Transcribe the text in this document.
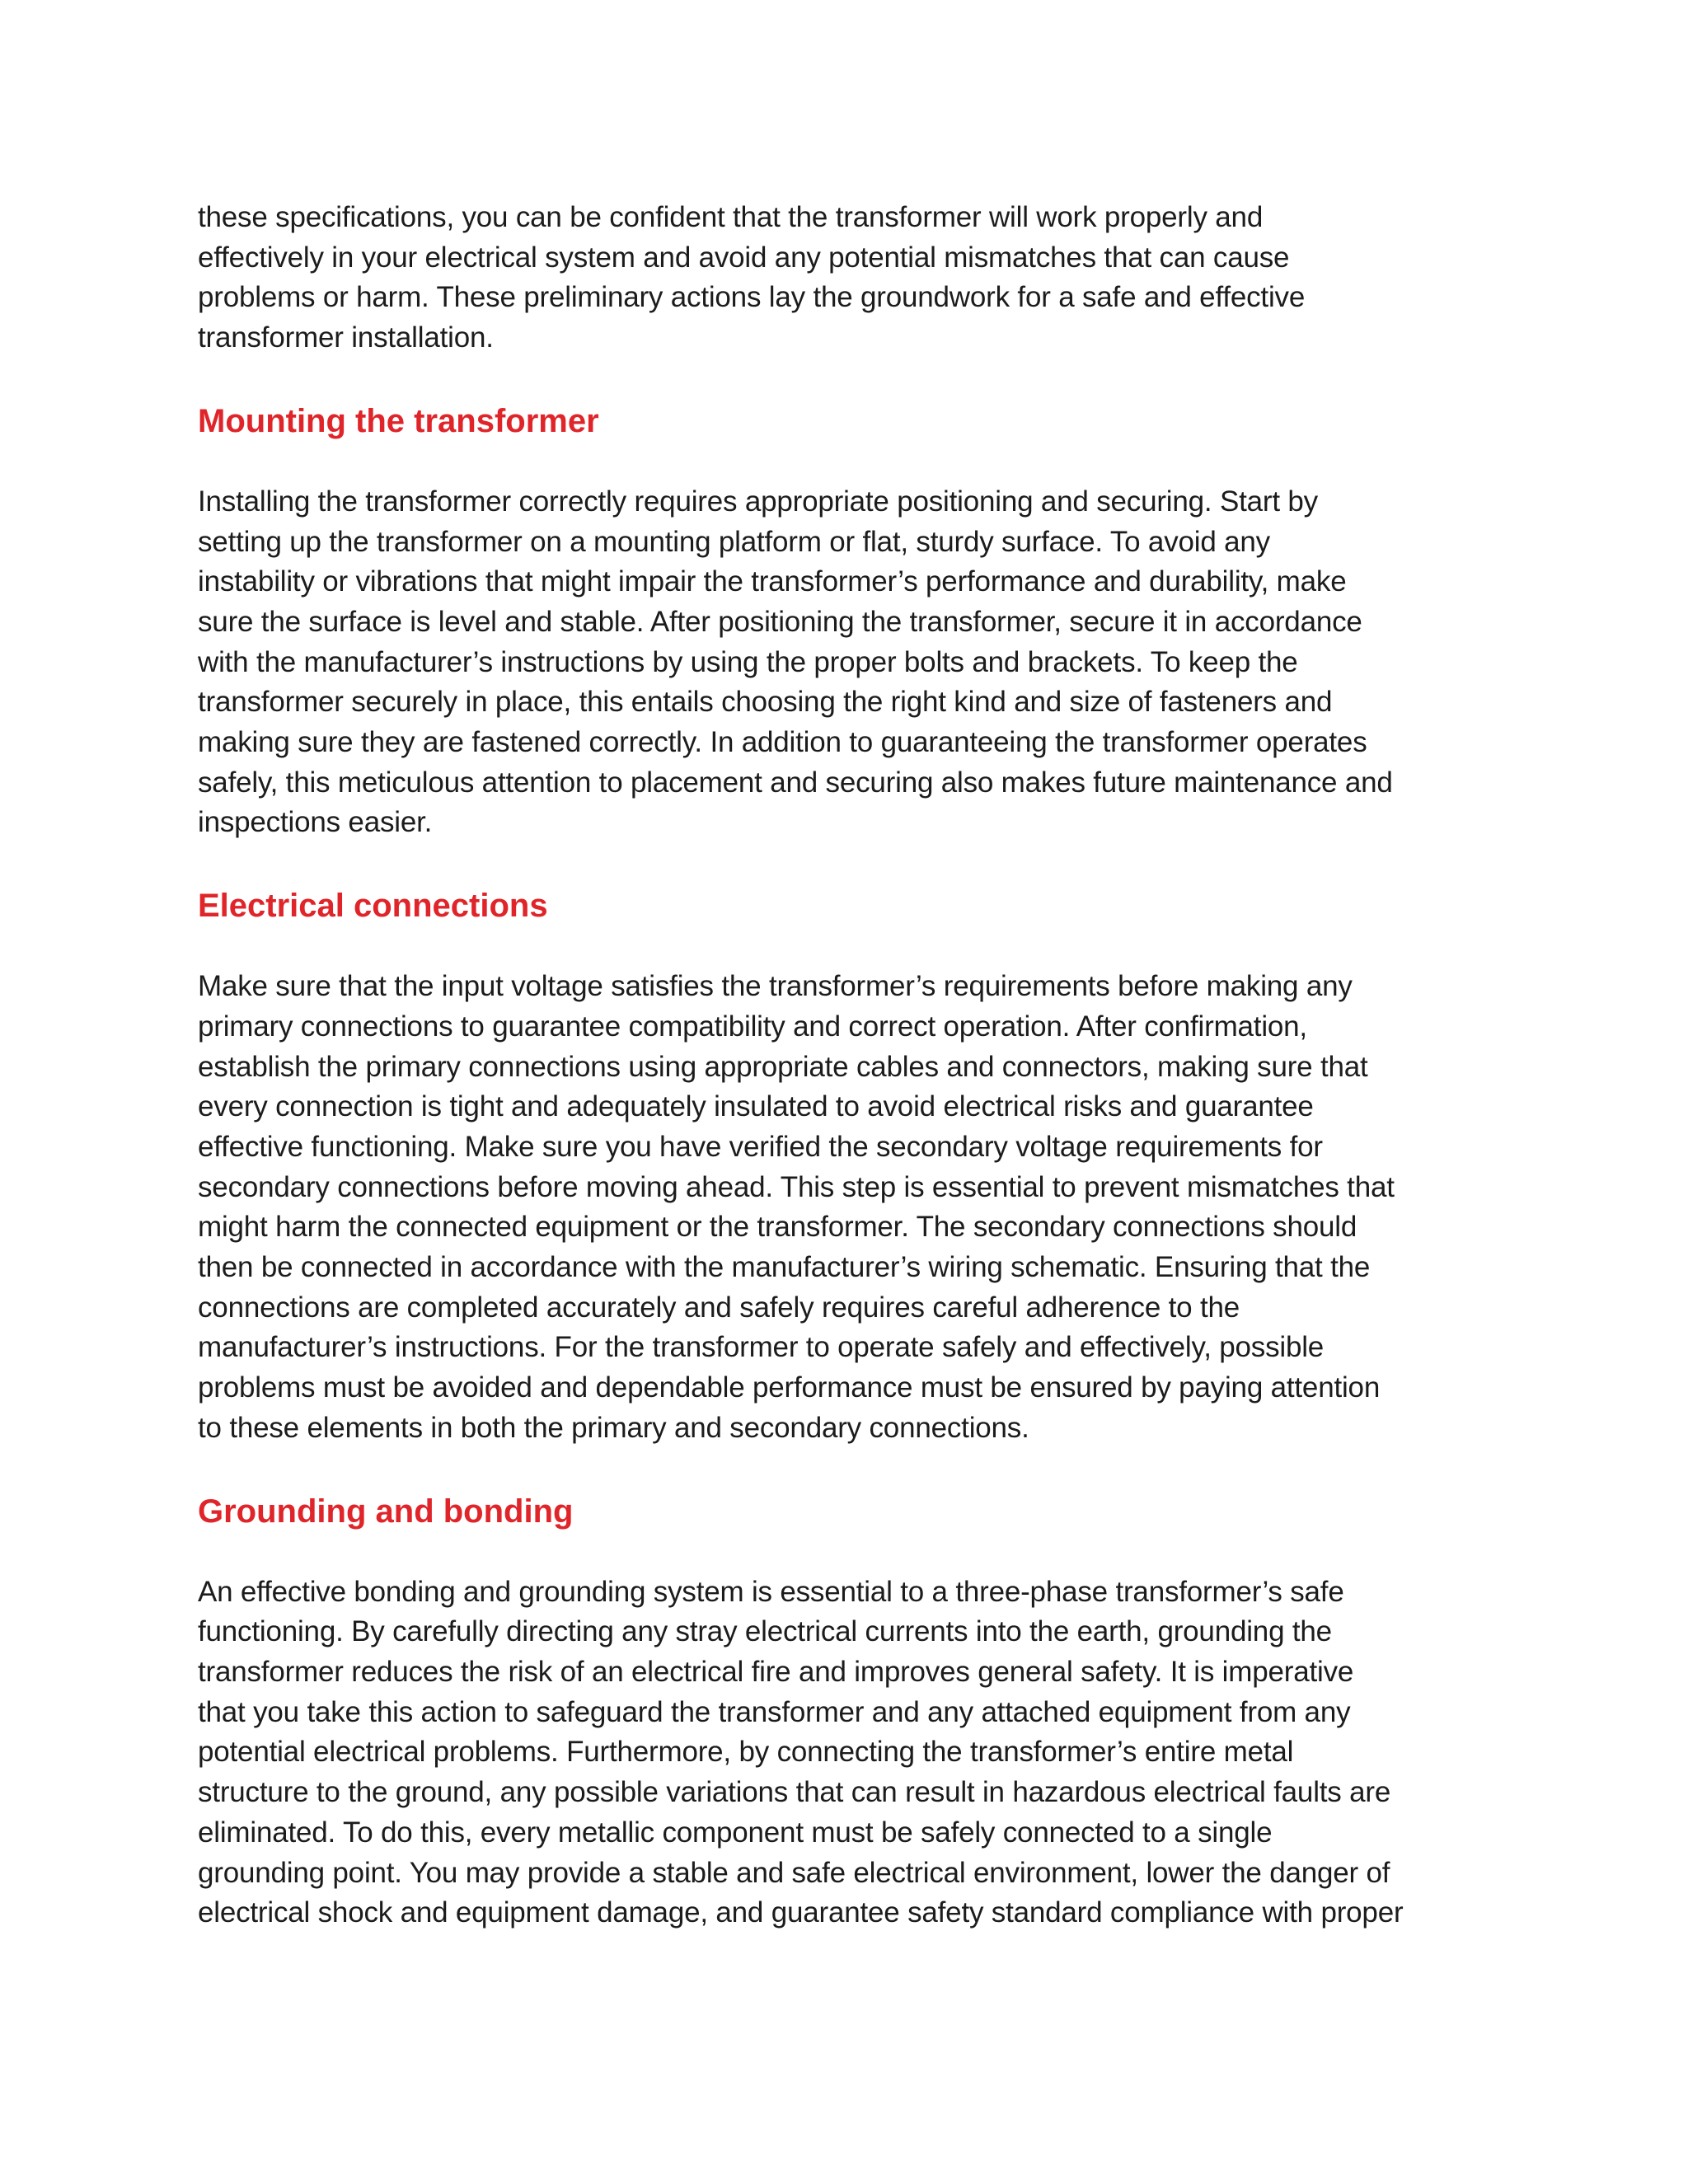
these specifications, you can be confident that the transformer will work properly and
effectively in your electrical system and avoid any potential mismatches that can cause
problems or harm. These preliminary actions lay the groundwork for a safe and effective
transformer installation.

Mounting the transformer

Installing the transformer correctly requires appropriate positioning and securing. Start by
setting up the transformer on a mounting platform or flat, sturdy surface. To avoid any
instability or vibrations that might impair the transformer’s performance and durability, make
sure the surface is level and stable. After positioning the transformer, secure it in accordance
with the manufacturer’s instructions by using the proper bolts and brackets. To keep the
transformer securely in place, this entails choosing the right kind and size of fasteners and
making sure they are fastened correctly. In addition to guaranteeing the transformer operates
safely, this meticulous attention to placement and securing also makes future maintenance and
inspections easier.

Electrical connections

Make sure that the input voltage satisfies the transformer’s requirements before making any
primary connections to guarantee compatibility and correct operation. After confirmation,
establish the primary connections using appropriate cables and connectors, making sure that
every connection is tight and adequately insulated to avoid electrical risks and guarantee
effective functioning. Make sure you have verified the secondary voltage requirements for
secondary connections before moving ahead. This step is essential to prevent mismatches that
might harm the connected equipment or the transformer. The secondary connections should
then be connected in accordance with the manufacturer’s wiring schematic. Ensuring that the
connections are completed accurately and safely requires careful adherence to the
manufacturer’s instructions. For the transformer to operate safely and effectively, possible
problems must be avoided and dependable performance must be ensured by paying attention
to these elements in both the primary and secondary connections.

Grounding and bonding

An effective bonding and grounding system is essential to a three-phase transformer’s safe
functioning. By carefully directing any stray electrical currents into the earth, grounding the
transformer reduces the risk of an electrical fire and improves general safety. It is imperative
that you take this action to safeguard the transformer and any attached equipment from any
potential electrical problems. Furthermore, by connecting the transformer’s entire metal
structure to the ground, any possible variations that can result in hazardous electrical faults are
eliminated. To do this, every metallic component must be safely connected to a single
grounding point. You may provide a stable and safe electrical environment, lower the danger of
electrical shock and equipment damage, and guarantee safety standard compliance with proper
